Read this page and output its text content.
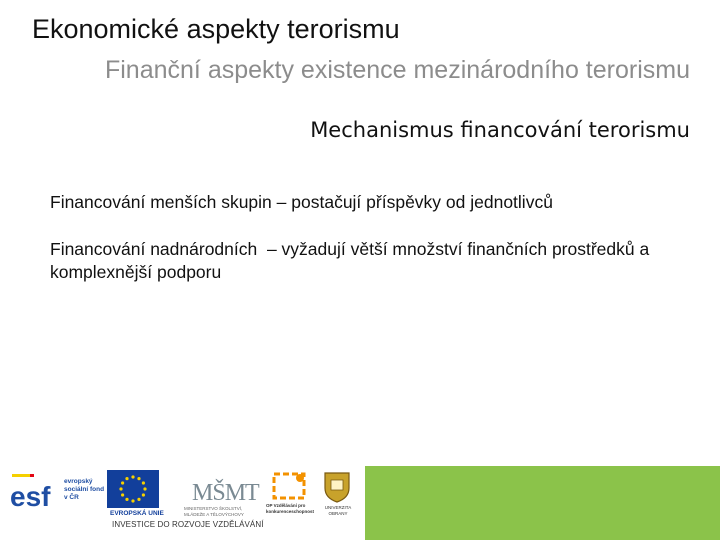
Ekonomické aspekty terorismu
Finanční aspekty existence mezinárodního terorismu
Mechanismus financování terorismu
Financování menších skupin – postačují příspěvky od jednotlivců
Financování nadnárodních  – vyžadují větší množství finančních prostředků a komplexnější podporu
esf evropský sociální fond v ČR
EVROPSKÁ UNIE
MŠMT
MINISTERSTVO ŠKOLSTVÍ, MLÁDEŽE A TĚLOVÝCHOVY
OP Vzdělávání pro konkurenceschopnost
UNIVERZITA OBRANY
INVESTICE DO ROZVOJE VZDĚLÁVÁNÍ
